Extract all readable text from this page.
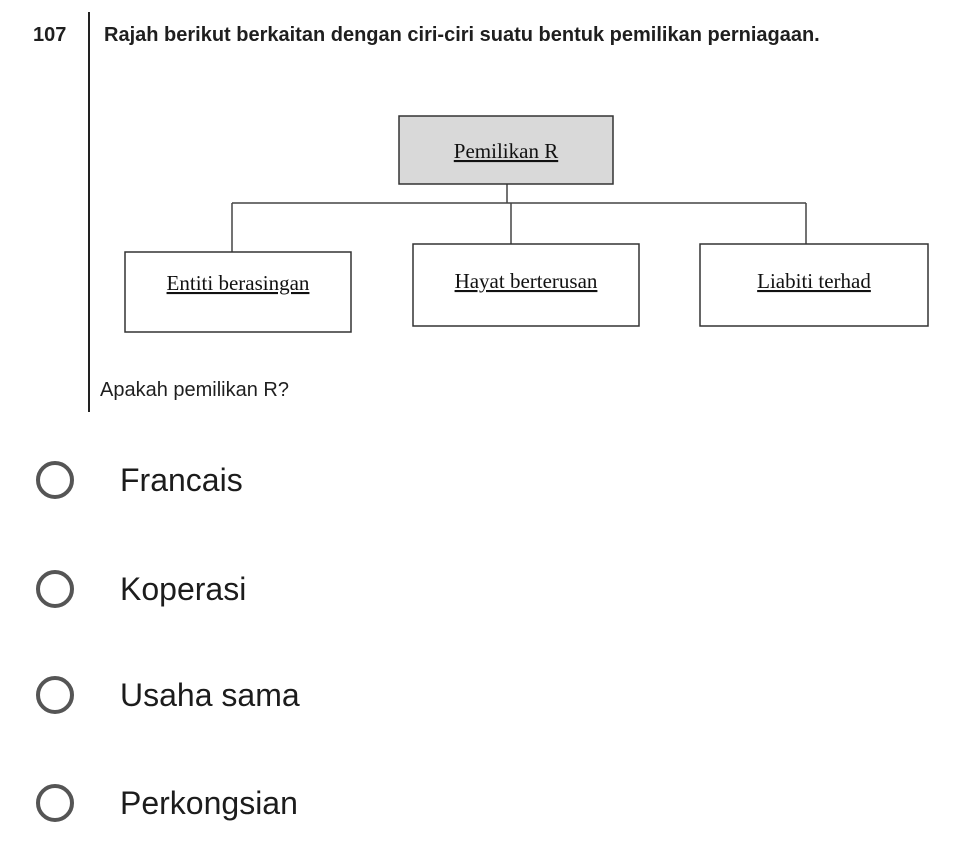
107 Rajah berikut berkaitan dengan ciri-ciri suatu bentuk pemilikan perniagaan.
Pemilikan R
Entiti berasingan	Hayat berterusan	Liabiti terhad
Apakah pemilikan R?
Francais
Koperasi
Usaha sama
Perkongsian
